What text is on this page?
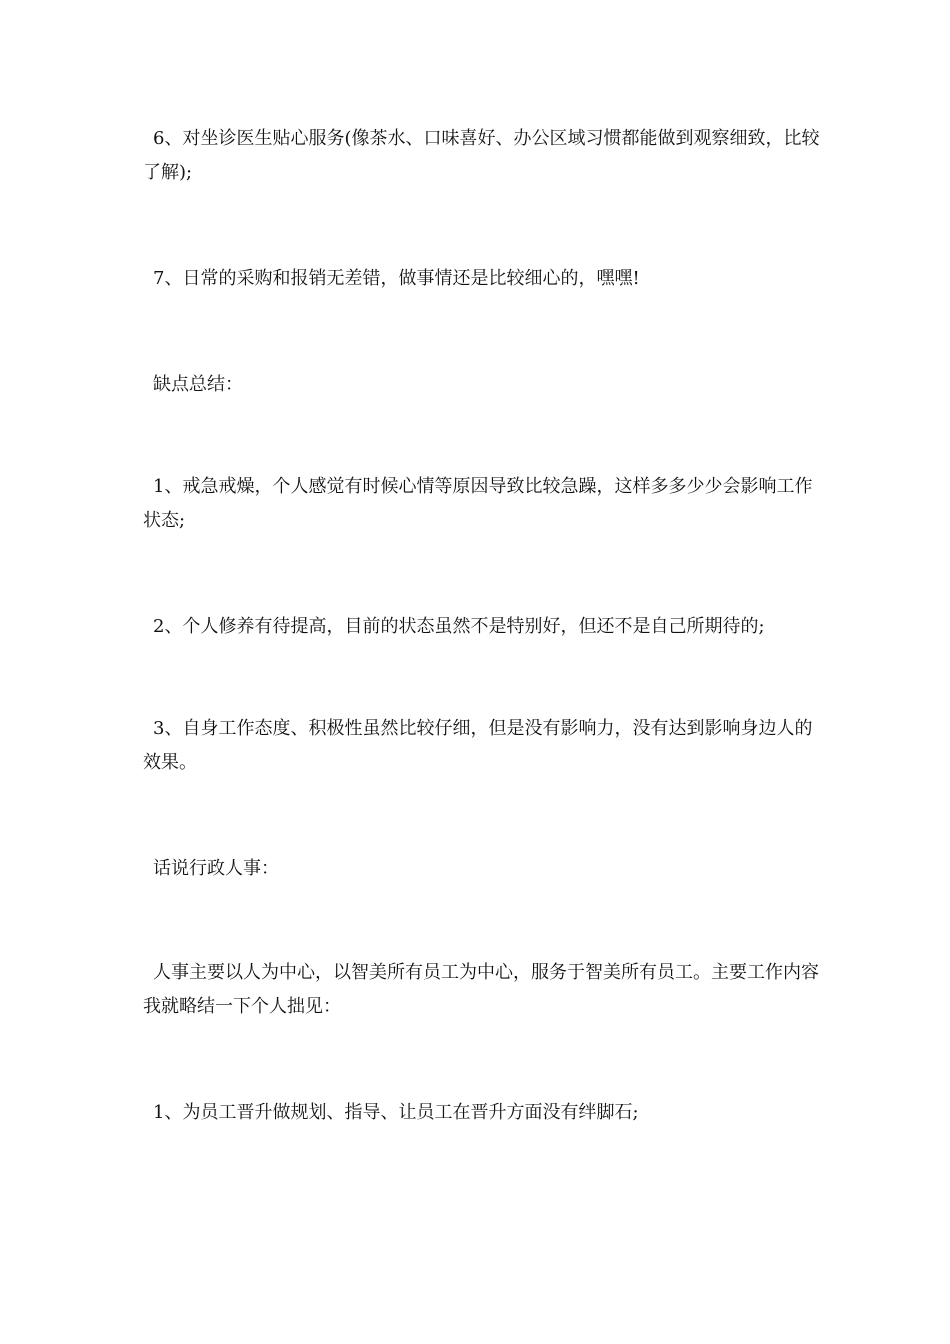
6、对坐诊医生贴心服务(像茶水、口味喜好、办公区域习惯都能做到观察细致，比较了解);

7、日常的采购和报销无差错，做事情还是比较细心的，嘿嘿!

缺点总结：

1、戒急戒燥，个人感觉有时候心情等原因导致比较急躁，这样多多少少会影响工作状态;

2、个人修养有待提高，目前的状态虽然不是特别好，但还不是自己所期待的;

3、自身工作态度、积极性虽然比较仔细，但是没有影响力，没有达到影响身边人的效果。

话说行政人事：

人事主要以人为中心，以智美所有员工为中心，服务于智美所有员工。主要工作内容我就略结一下个人拙见：

1、为员工晋升做规划、指导、让员工在晋升方面没有绊脚石;
